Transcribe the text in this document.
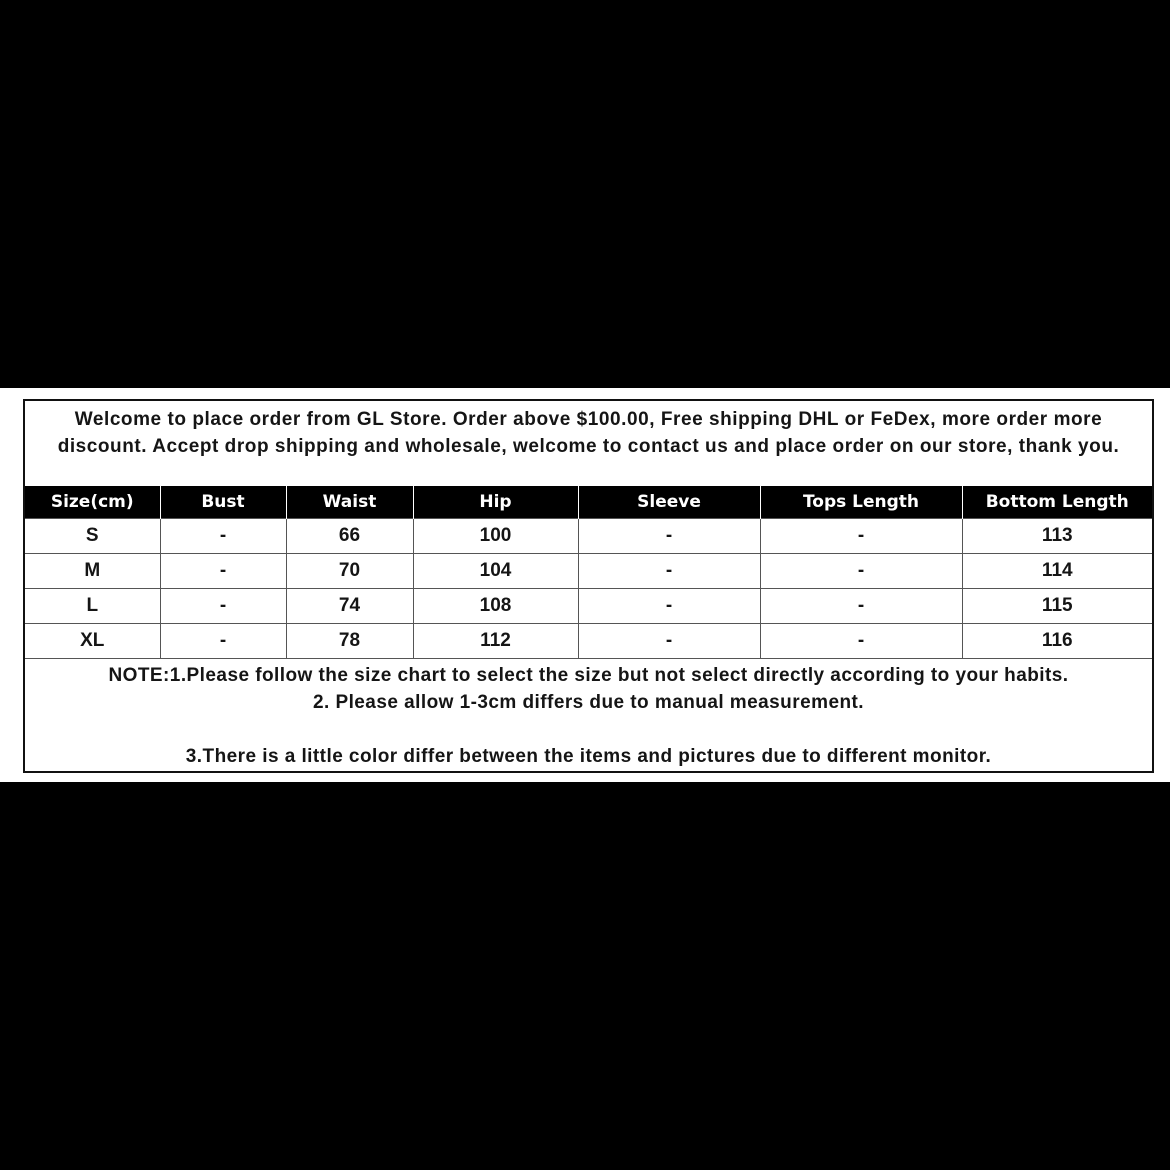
Welcome to place order from GL Store. Order above $100.00, Free shipping DHL or FeDex, more order more discount. Accept drop shipping and wholesale, welcome to contact us and place order on our store, thank you.
Size(cm)	Bust	Waist	Hip	Sleeve	Tops Length	Bottom Length
S	-	66	100	-	-	113
M	-	70	104	-	-	114
L	-	74	108	-	-	115
XL	-	78	112	-	-	116
NOTE:1.Please follow the size chart to select the size but not select directly according to your habits.
2. Please allow 1-3cm differs due to manual measurement.
3.There is a little color differ between the items and pictures due to different monitor.
